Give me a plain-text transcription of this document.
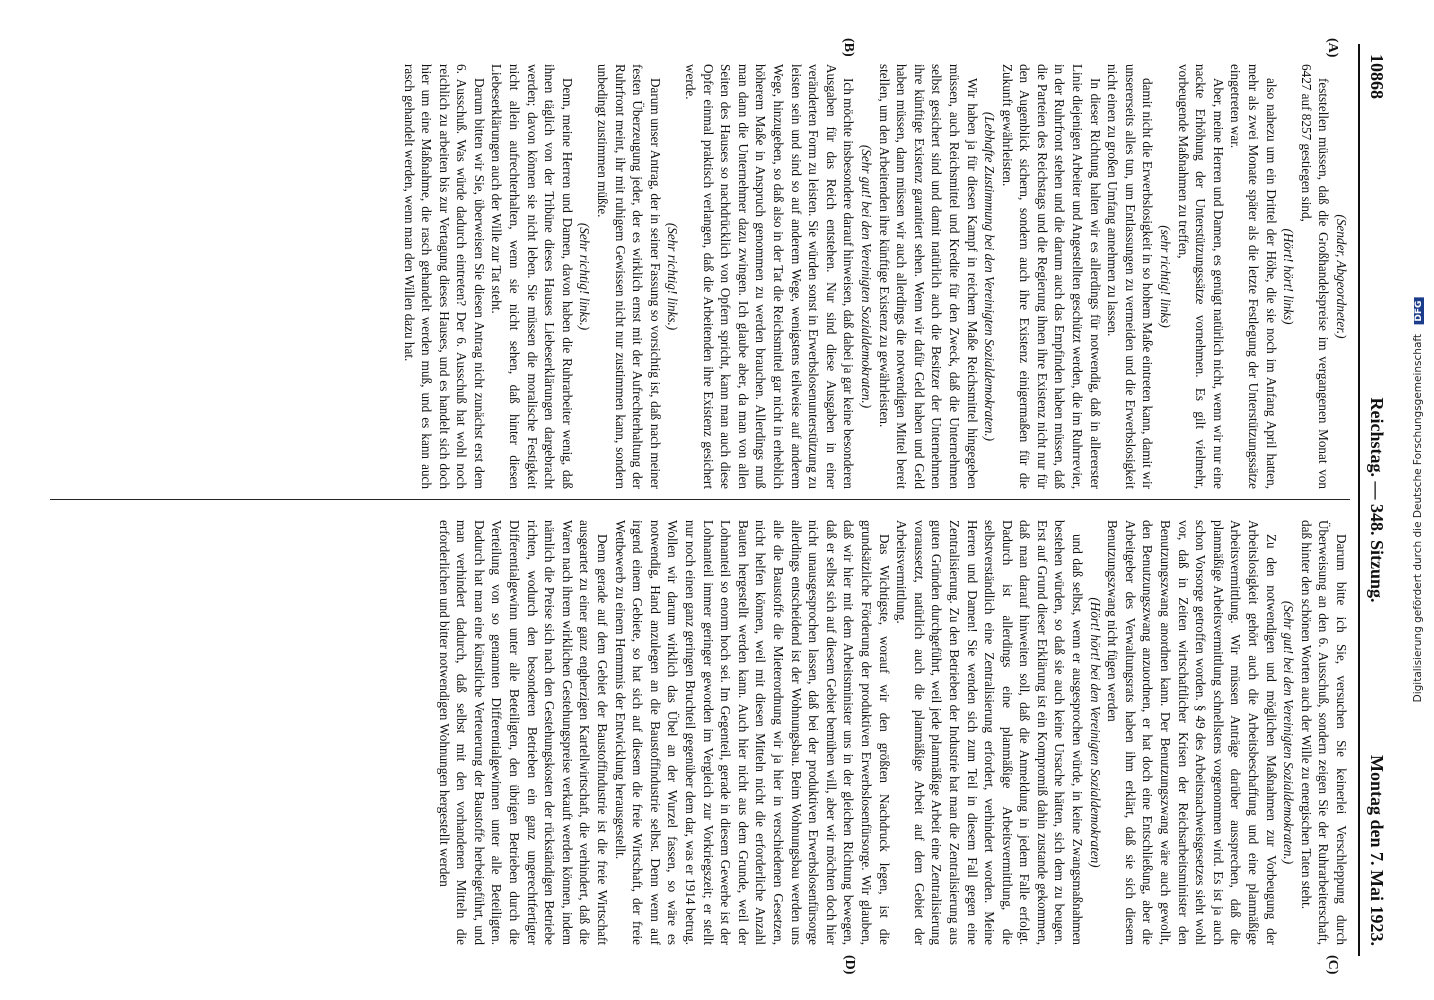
10868
Reichstag. — 348. Sitzung.
Montag den 7. Mai 1923.
(A)
(B)
(C)
(D)

(Sender, Abgeordneter.)

feststellen müssen, daß die Großhandelspreise im vergangenen Monat von 6427 auf 8257 gestiegen sind,

(Hört! hört! links)

also nahezu um ein Drittel der Höhe, die sie noch im Anfang April hatten, mehr als zwei Monate später als die letzte Festlegung der Unterstützungssätze eingetreten war.

Aber, meine Herren und Damen, es genügt natürlich nicht, wenn wir nur eine nackte Erhöhung der Unterstützungssätze vornehmen. Es gilt vielmehr, vorbeugende Maßnahmen zu treffen,

(sehr richtig! links)

damit nicht die Erwerbslosigkeit in so hohem Maße eintreten kann, damit wir unsererseits alles tun, um Entlassungen zu vermeiden und die Erwerbslosigkeit nicht einen zu großen Umfang annehmen zu lassen.

In dieser Richtung halten wir es allerdings für notwendig, daß in allererster Linie diejenigen Arbeiter und Angestellten geschützt werden, die im Ruhrrevier, in der Ruhrfront stehen und die darum auch das Empfinden haben müssen, daß die Parteien des Reichstags und die Regierung ihnen ihre Existenz nicht nur für den Augenblick sichern, sondern auch ihre Existenz einigermaßen für die Zukunft gewährleisten.

(Lebhafte Zustimmung bei den Vereinigten Sozialdemokraten.)

Wir haben ja für diesen Kampf in reichem Maße Reichsmittel hingegeben müssen, auch Reichsmittel und Kredite für den Zweck, daß die Unternehmen selbst gesichert sind und damit natürlich auch die Besitzer der Unternehmen ihre künftige Existenz garantiert sehen. Wenn wir dafür Geld haben und Geld haben müssen, dann müssen wir auch allerdings die notwendigen Mittel bereit stellen, um den Arbeitenden ihre künftige Existenz zu gewährleisten.

(Sehr gut! bei den Vereinigten Sozialdemokraten.)

Ich möchte insbesondere darauf hinweisen, daß dabei ja gar keine besonderen Ausgaben für das Reich entstehen. Nur sind diese Ausgaben in einer veränderten Form zu leisten. Sie würden sonst in Erwerbslosenunterstützung zu leisten sein und sind so auf anderem Wege, wenigstens teilweise auf anderem Wege, hinzugeben, so daß also in der Tat die Reichsmittel gar nicht in erheblich höherem Maße in Anspruch genommen zu werden brauchen. Allerdings muß man dann die Unternehmer dazu zwingen. Ich glaube aber, da man von allen Seiten des Hauses so nachdrücklich von Opfern spricht, kann man auch diese Opfer einmal praktisch verlangen, daß die Arbeitenden ihre Existenz gesichert werde.

(Sehr richtig! links.)

Darum unser Antrag, der in seiner Fassung so vorsichtig ist, daß nach meiner festen Überzeugung jeder, der es wirklich ernst mit der Aufrechterhaltung der Ruhrfront meint, ihr mit ruhigem Gewissen nicht nur zustimmen kann, sondern unbedingt zustimmen müßte.

(Sehr richtig! links.)

Denn, meine Herren und Damen, davon haben die Ruhrarbeiter wenig, daß ihnen täglich von der Tribüne dieses Hauses Liebeserklärungen dargebracht werden; davon können sie nicht leben. Sie müssen die moralische Festigkeit nicht allein aufrechterhalten, wenn sie nicht sehen, daß hinter diesen Liebeserklärungen auch der Wille zur Tat steht.

Darum bitten wir Sie, überweisen Sie diesen Antrag nicht zunächst erst dem 6. Ausschuß. Was würde dadurch eintreten? Der 6. Ausschuß hat wohl noch reichlich zu arbeiten bis zur Vertagung dieses Hauses, und es handelt sich doch hier um eine Maßnahme, die rasch gehandelt werden muß, und es kann auch rasch gehandelt werden, wenn man den Willen dazu hat.

Darum bitte ich Sie, versuchen Sie keinerlei Verschleppung durch Überweisung an den 6. Ausschuß, sondern zeigen Sie der Ruhrarbeiterschaft, daß hinter den schönen Worten auch der Wille zu energischen Taten steht.

(Sehr gut! bei den Vereinigten Sozialdemokraten.)

Zu den notwendigen und möglichen Maßnahmen zur Vorbeugung der Arbeitslosigkeit gehört auch die Arbeitsbeschaffung und eine planmäßige Arbeitsvermittlung. Wir müssen Anträge darüber aussprechen, daß die planmäßige Arbeitsvermittlung schnellstens vorgenommen wird. Es ist ja auch schon Vorsorge getroffen worden. § 49 des Arbeitsnachweisgesetzes sieht wohl vor, daß in Zeiten wirtschaftlicher Krisen der Reichsarbeitsminister den Benutzungszwang anordnen kann. Der Benutzungszwang wäre auch gewollt, den Benutzungszwang anzuordnen, er hat doch eine Entschließung, aber die Arbeitgeber des Verwaltungsrats haben ihm erklärt, daß sie sich diesem Benutzungszwang nicht fügen werden

(Hört! hört! bei den Vereinigten Sozialdemokraten)

und daß selbst, wenn er ausgesprochen würde, in keine Zwangsmaßnahmen bestehen würden, so daß sie auch keine Ursache hätten, sich dem zu beugen. Erst auf Grund dieser Erklärung ist ein Kompromiß dahin zustande gekommen, daß man darauf hinweiten soll, daß die Anmeldung in jedem Falle erfolgt. Dadurch ist allerdings eine planmäßige Arbeitsvermittlung, die selbstverständlich eine Zentralisierung erfordert, verhindert worden. Meine Herren und Damen! Sie wenden sich zum Teil in diesem Fall gegen eine Zentralisierung. Zu den Betrieben der Industrie hat man die Zentralisierung aus guten Gründen durchgeführt, weil jede planmäßige Arbeit eine Zentralisierung voraussetzt, natürlich auch die planmäßige Arbeit auf dem Gebiet der Arbeitsvermittlung.

Das Wichtigste, worauf wir den größten Nachdruck legen, ist die grundsätzliche Förderung der produktiven Erwerbslosenfürsorge. Wir glauben, daß wir hier mit dem Arbeitsminister uns in der gleichen Richtung bewegen, daß er selbst sich auf diesem Gebiet bemühen will, aber wir möchten doch hier nicht unausgesprochen lassen, daß bei der produktiven Erwerbslosenfürsorge allerdings entscheidend ist der Wohnungsbau. Beim Wohnungsbau werden uns alle die Baustoffe die Mieterordnung wir ja hier in verschiedenen Gesetzen, nicht helfen können, weil mit diesen Mitteln nicht die erforderliche Anzahl Bauten hergestellt werden kann. Auch hier nicht aus dem Grunde, weil der Lohnanteil so enorm hoch sei. Im Gegenteil, gerade in diesem Gewerbe ist der Lohnanteil immer geringer geworden im Vergleich zur Vorkriegszeit; er stellt nur noch einen ganz geringen Bruchteil gegenüber dem dar, was er 1914 betrug. Wollen wir darum wirklich das Übel an der Wurzel fassen, so wäre es notwendig, Hand anzulegen an die Baustoffindustrie selbst. Denn wenn auf irgend einem Gebiete, so hat sich auf diesem die freie Wirtschaft, der freie Wettbewerb zu einem Hemmnis der Entwicklung herausgestellt.

Denn gerade auf dem Gebiet der Baustoffindustrie ist die freie Wirtschaft ausgeartet zu einer ganz engherzigen Kartellwirtschaft, die verhindert, daß die Waren nach ihrem wirklichen Gestehungspreise verkauft werden können, indem nämlich die Preise sich nach den Gestehungskosten der rückständigen Betriebe richten, wodurch den besonderen Betrieben ein ganz ungerechtfertigter Differentialgewinn unter alle Beteiligten, den übrigen Betrieben durch die Verteilung von so genannten Differentialgewinnen unter alle Beteiligten. Dadurch hat man eine künstliche Verteuerung der Baustoffe herbeigeführt, und man verhindert dadurch, daß selbst mit den vorhandenen Mitteln die erforderlichen und bitter notwendigen Wohnungen hergestellt werden

Digitalisierung gefördert durch die Deutsche Forschungsgemeinschaft DFG
